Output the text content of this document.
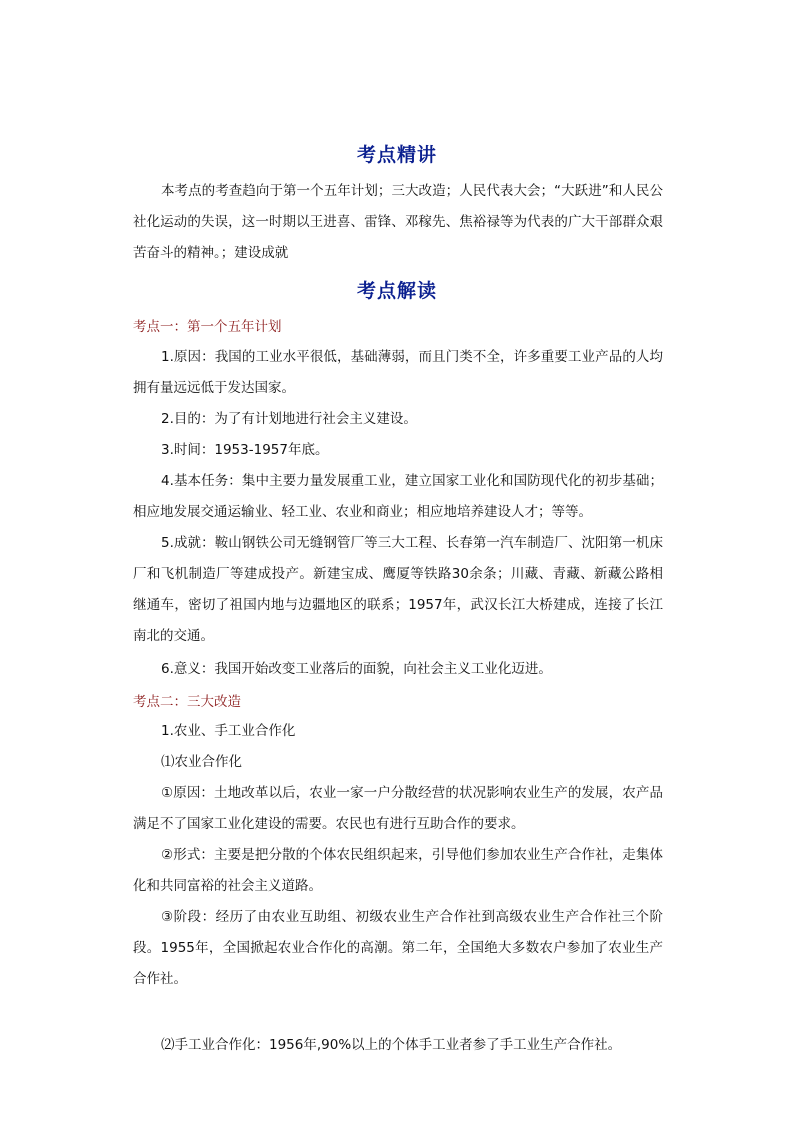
考点精讲
本考点的考查趋向于第一个五年计划；三大改造；人民代表大会；“大跃进”和人民公社化运动的失误，这一时期以王进喜、雷锋、邓稼先、焦裕禄等为代表的广大干部群众艰苦奋斗的精神。；建设成就
考点解读
考点一：第一个五年计划
1.原因：我国的工业水平很低，基础薄弱，而且门类不全，许多重要工业产品的人均拥有量远远低于发达国家。
2.目的：为了有计划地进行社会主义建设。
3.时间：1953-1957年底。
4.基本任务：集中主要力量发展重工业，建立国家工业化和国防现代化的初步基础；相应地发展交通运输业、轻工业、农业和商业；相应地培养建设人才；等等。
5.成就：鞍山钢铁公司无缝钢管厂等三大工程、长春第一汽车制造厂、沈阳第一机床厂和飞机制造厂等建成投产。新建宝成、鹰厦等铁路30余条；川藏、青藏、新藏公路相继通车，密切了祖国内地与边疆地区的联系；1957年，武汉长江大桥建成，连接了长江南北的交通。
6.意义：我国开始改变工业落后的面貌，向社会主义工业化迈进。
考点二：三大改造
1.农业、手工业合作化
⑴农业合作化
①原因：土地改革以后，农业一家一户分散经营的状况影响农业生产的发展，农产品满足不了国家工业化建设的需要。农民也有进行互助合作的要求。
②形式：主要是把分散的个体农民组织起来，引导他们参加农业生产合作社，走集体化和共同富裕的社会主义道路。
③阶段：经历了由农业互助组、初级农业生产合作社到高级农业生产合作社三个阶段。1955年，全国掀起农业合作化的高潮。第二年，全国绝大多数农户参加了农业生产合作社。
⑵手工业合作化：1956年,90%以上的个体手工业者参了手工业生产合作社。
